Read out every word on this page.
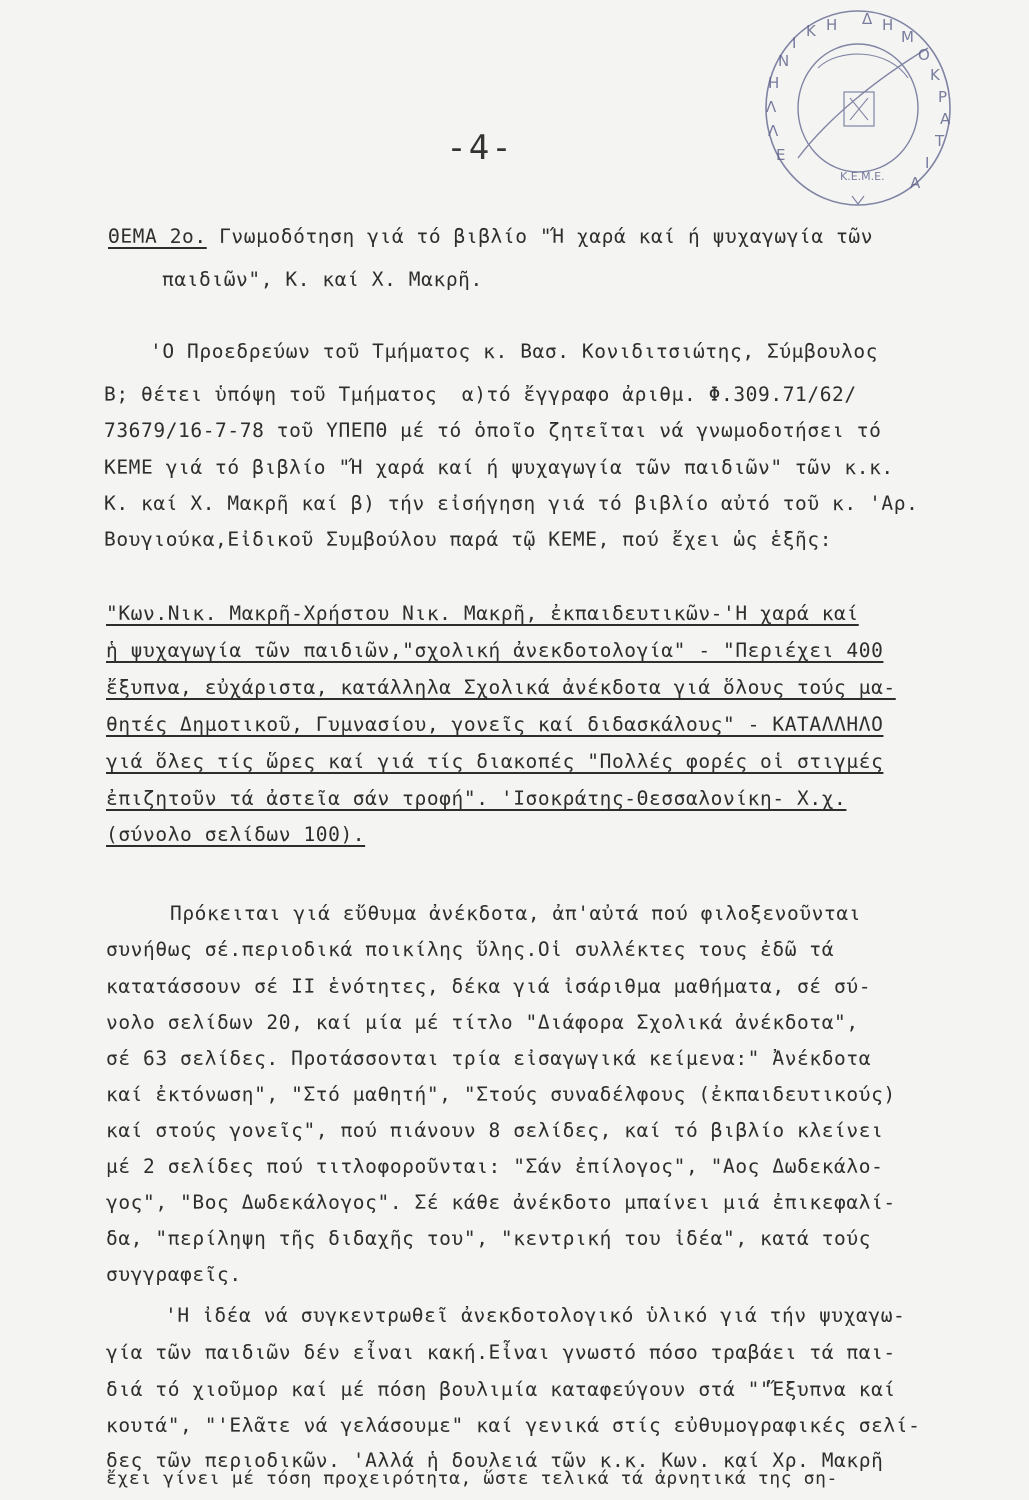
Η Δ Η
Μ
Ο
Κ
Ρ
Α
Τ
Ι
Α
Ε
Λ
Λ
Η
Ν
Ι
Κ
Κ.Ε.Μ.Ε.
-4-
ΘΕΜΑ 2ο. Γνωμοδότηση γιά τό βιβλίο "Ή χαρά καί ή ψυχαγωγία τῶν
παιδιῶν", Κ. καί Χ. Μακρῆ.
'Ο Προεδρεύων τοῦ Τμήματος κ. Βασ. Κονιδιτσιώτης, Σύμβουλος
Β; θέτει ὑπόψη τοῦ Τμήματος  α)τό ἔγγραφο ἀριθμ. Φ.309.71/62/
73679/16-7-78 τοῦ ΥΠΕΠΘ μέ τό ὁποῖο ζητεῖται νά γνωμοδοτήσει τό
ΚΕΜΕ γιά τό βιβλίο "Ή χαρά καί ή ψυχαγωγία τῶν παιδιῶν" τῶν κ.κ.
Κ. καί Χ. Μακρῆ καί β) τήν εἰσήγηση γιά τό βιβλίο αὐτό τοῦ κ. 'Αρ.
Βουγιούκα,Εἰδικοῦ Συμβούλου παρά τῷ ΚΕΜΕ, πού ἔχει ὡς ἑξῆς:
"Κων.Νικ. Μακρῆ-Χρήστου Νικ. Μακρῆ, ἐκπαιδευτικῶν-'Η χαρά καί
ἡ ψυχαγωγία τῶν παιδιῶν,"σχολική ἀνεκδοτολογία" - "Περιέχει 400
ἔξυπνα, εὐχάριστα, κατάλληλα Σχολικά ἀνέκδοτα γιά ὅλους τούς μα-
θητές Δημοτικοῦ, Γυμνασίου, γονεῖς καί διδασκάλους" - ΚΑΤΑΛΛΗΛΟ
γιά ὅλες τίς ὥρες καί γιά τίς διακοπές "Πολλές φορές οἱ στιγμές
ἐπιζητοῦν τά ἀστεῖα σάν τροφή". 'Ισοκράτης-Θεσσαλονίκη- Χ.χ.
(σύνολο σελίδων 100).
Πρόκειται γιά εὔθυμα ἀνέκδοτα, ἀπ'αὐτά πού φιλοξενοῦνται
συνήθως σέ.περιοδικά ποικίλης ὕλης.Οἱ συλλέκτες τους ἐδῶ τά
κατατάσσουν σέ ΙΙ ἑνότητες, δέκα γιά ἰσάριθμα μαθήματα, σέ σύ-
νολο σελίδων 20, καί μία μέ τίτλο "Διάφορα Σχολικά ἀνέκδοτα",
σέ 63 σελίδες. Προτάσσονται τρία εἰσαγωγικά κείμενα:" Ἀνέκδοτα
καί ἐκτόνωση", "Στό μαθητή", "Στούς συναδέλφους (ἐκπαιδευτικούς)
καί στούς γονεῖς", πού πιάνουν 8 σελίδες, καί τό βιβλίο κλείνει
μέ 2 σελίδες πού τιτλοφοροῦνται: "Σάν ἐπίλογος", "Αος Δωδεκάλο-
γος", "Βος Δωδεκάλογος". Σέ κάθε ἀνέκδοτο μπαίνει μιά ἐπικεφαλί-
δα, "περίληψη τῆς διδαχῆς του", "κεντρική του ἰδέα", κατά τούς
συγγραφεῖς.
'Η ἰδέα νά συγκεντρωθεῖ ἀνεκδοτολογικό ὑλικό γιά τήν ψυχαγω-
γία τῶν παιδιῶν δέν εἶναι κακή.Εἶναι γνωστό πόσο τραβάει τά παι-
διά τό χιοῦμορ καί μέ πόση βουλιμία καταφεύγουν στά ""Ἔξυπνα καί
κουτά", "'Ελᾶτε νά γελάσουμε" καί γενικά στίς εὐθυμογραφικές σελί-
δες τῶν περιοδικῶν. 'Αλλά ἡ δουλειά τῶν κ.κ. Κων. καί Χρ. Μακρῆ
ἔχει γίνει μέ τόση προχειρότητα, ὥστε τελικά τά ἀρνητικά της ση-
